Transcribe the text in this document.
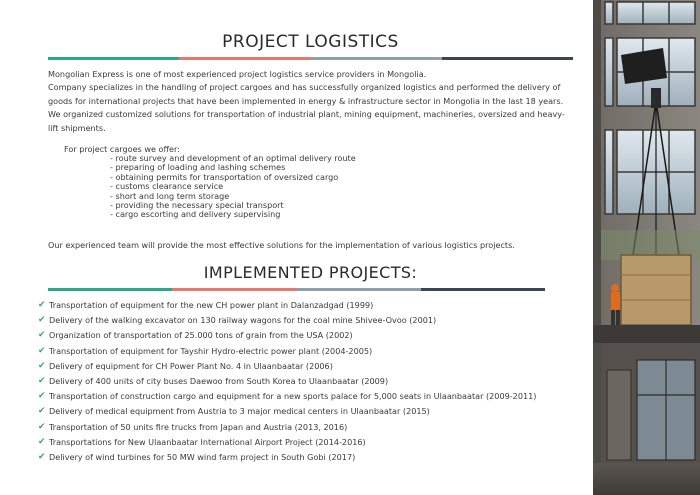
PROJECT LOGISTICS

Mongolian Express is one of most experienced project logistics service providers in Mongolia.

Company specializes in the handling of project cargoes and has successfully organized logistics and performed the delivery of goods for international projects that have been implemented in energy & infrastructure sector in Mongolia in the last 18 years. We organized customized solutions for transportation of industrial plant, mining equipment, machineries, oversized and heavy-lift shipments.

For project cargoes we offer:
- route survey and development of an optimal delivery route
- preparing of loading and lashing schemes
- obtaining permits for transportation of oversized cargo
- customs clearance service
- short and long term storage
- providing the necessary special transport
- cargo escorting and delivery supervising
Our experienced team will provide the most effective solutions for the implementation of various logistics projects.
IMPLEMENTED PROJECTS:
✔ Transportation of equipment for the new CH power plant in Dalanzadgad (1999)
✔ Delivery of the walking excavator on 130 railway wagons for the coal mine Shivee-Ovoo (2001)
✔ Organization of transportation of 25.000 tons of grain from the USA (2002)
✔ Transportation of equipment for Tayshir Hydro-electric power plant (2004-2005)
✔ Delivery of equipment for CH Power Plant No. 4 in Ulaanbaatar (2006)
✔ Delivery of 400 units of city buses Daewoo from South Korea to Ulaanbaatar (2009)
✔ Transportation of construction cargo and equipment for a new sports palace for 5,000 seats in Ulaanbaatar (2009-2011)
✔ Delivery of medical equipment from Austria to 3 major medical centers in Ulaanbaatar (2015)
✔ Transportation of 50 units fire trucks from Japan and Austria (2013, 2016)
✔ Transportations for New Ulaanbaatar International Airport Project (2014-2016)
✔ Delivery of wind turbines for 50 MW wind farm project in South Gobi (2017)
